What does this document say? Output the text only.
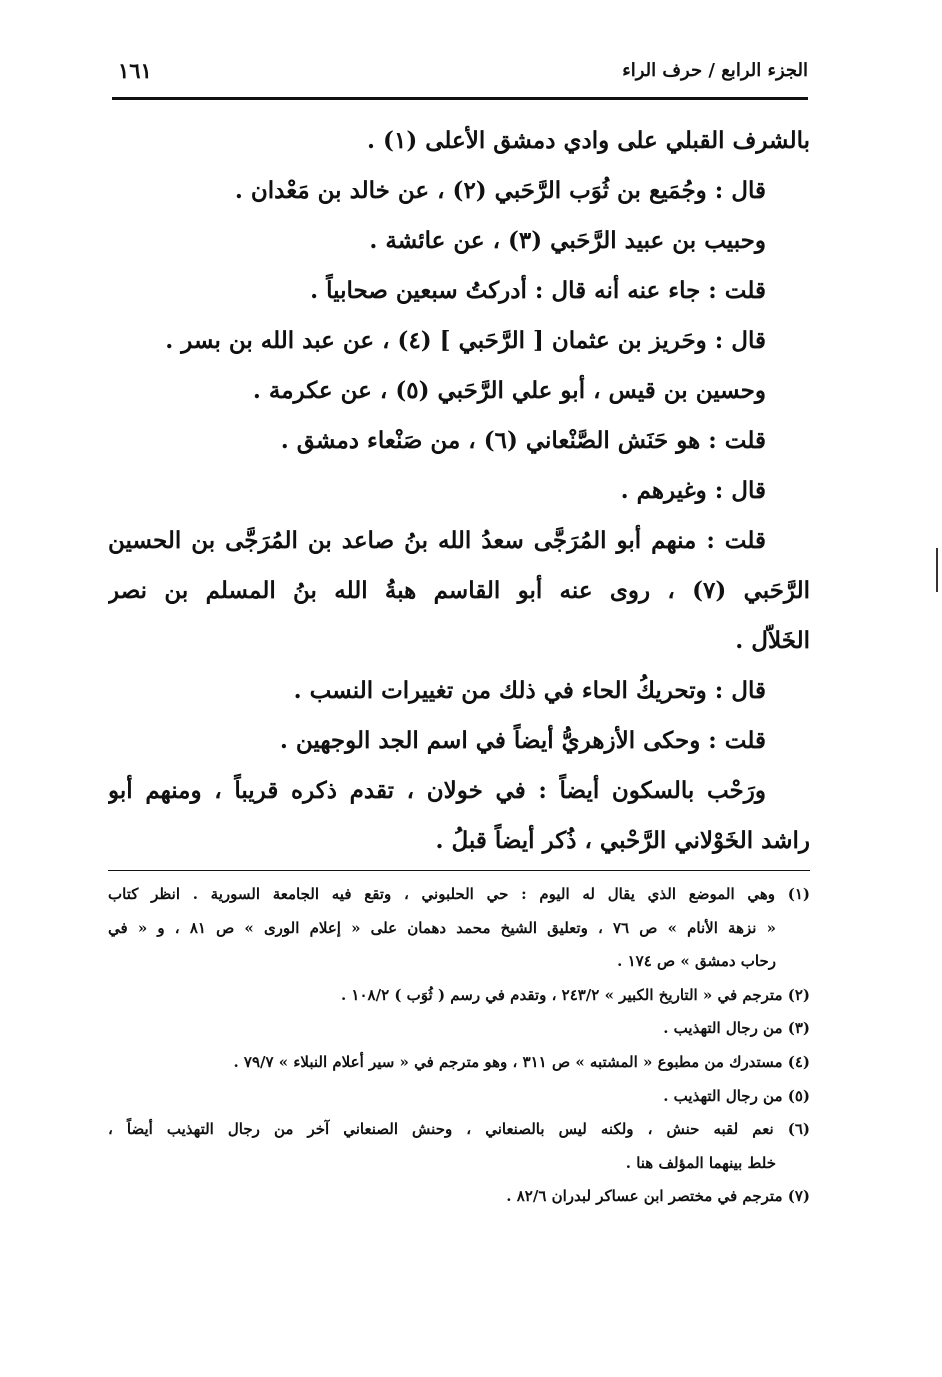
الجزء الرابع / حرف الراء
١٦١
بالشرف القبلي على وادي دمشق الأعلى (١) .
قال : وجُمَيع بن ثُوَب الرَّحَبي (٢) ، عن خالد بن مَعْدان .
وحبيب بن عبيد الرَّحَبي (٣) ، عن عائشة .
قلت : جاء عنه أنه قال : أدركتُ سبعين صحابياً .
قال : وحَريز بن عثمان [ الرَّحَبي ] (٤) ، عن عبد الله بن بسر .
وحسين بن قيس ، أبو علي الرَّحَبي (٥) ، عن عكرمة .
قلت : هو حَنَش الصَّنْعاني (٦) ، من صَنْعاء دمشق .
قال : وغيرهم .
قلت : منهم أبو المُرَجَّى سعدُ الله بنُ صاعد بن المُرَجَّى بن الحسين
الرَّحَبي (٧) ، روى عنه أبو القاسم هبةُ الله بنُ المسلم بن نصر
الخَلاّل .
قال : وتحريكُ الحاء في ذلك من تغييرات النسب .
قلت : وحكى الأزهريُّ أيضاً في اسم الجد الوجهين .
ورَحْب بالسكون أيضاً : في خولان ، تقدم ذكره قريباً ، ومنهم أبو
راشد الخَوْلاني الرَّحْبي ، ذُكر أيضاً قبلُ .
(١) وهي الموضع الذي يقال له اليوم : حي الحلبوني ، وتقع فيه الجامعة السورية . انظر كتاب
« نزهة الأنام » ص ٧٦ ، وتعليق الشيخ محمد دهمان على « إعلام الورى » ص ٨١ ، و « في
رحاب دمشق » ص ١٧٤ .
(٢) مترجم في « التاريخ الكبير » ٢٤٣/٢ ، وتقدم في رسم ( ثُوَب ) ١٠٨/٢ .
(٣) من رجال التهذيب .
(٤) مستدرك من مطبوع « المشتبه » ص ٣١١ ، وهو مترجم في « سير أعلام النبلاء » ٧٩/٧ .
(٥) من رجال التهذيب .
(٦) نعم لقبه حنش ، ولكنه ليس بالصنعاني ، وحنش الصنعاني آخر من رجال التهذيب أيضاً ،
خلط بينهما المؤلف هنا .
(٧) مترجم في مختصر ابن عساكر لبدران ٨٢/٦ .
